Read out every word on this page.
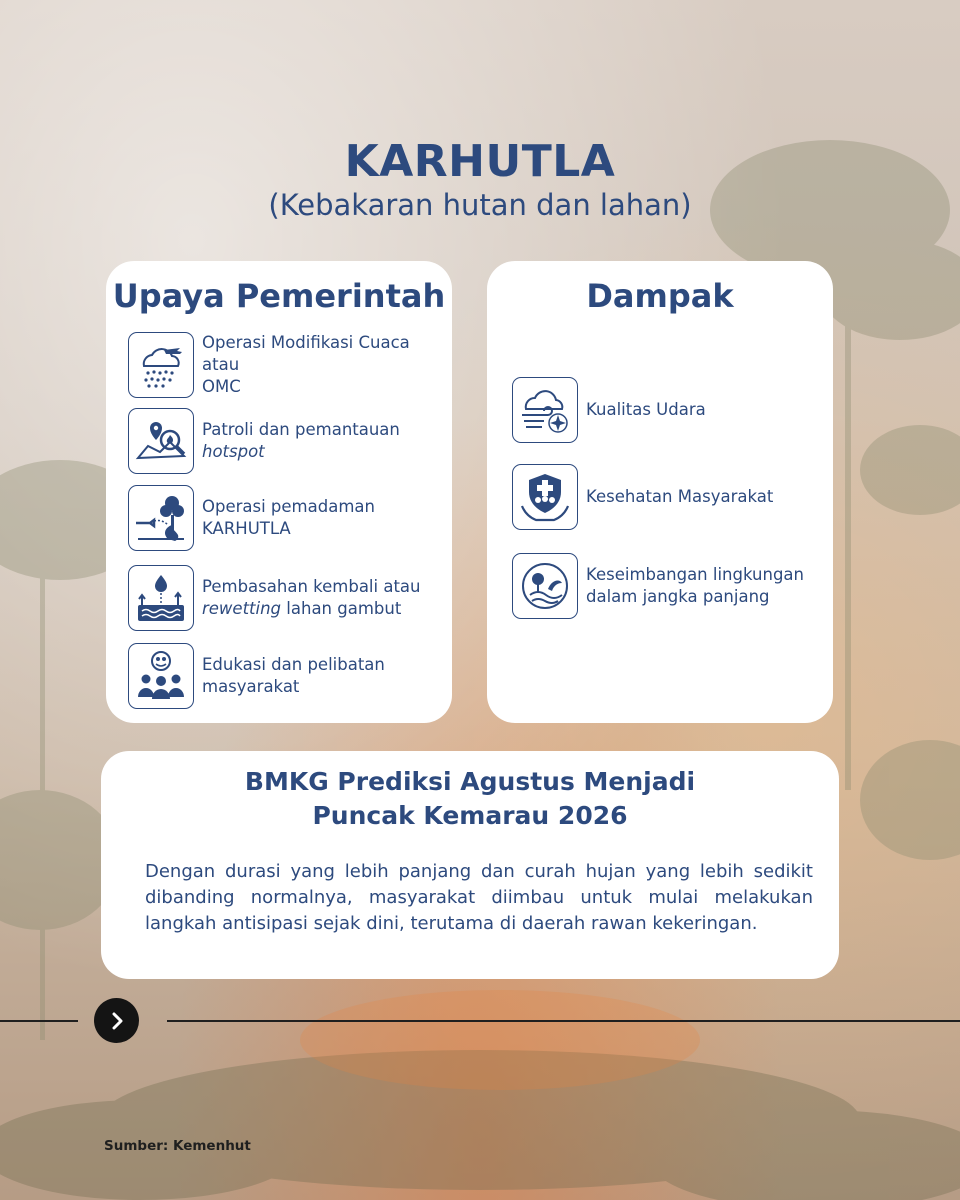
KARHUTLA
(Kebakaran hutan dan lahan)
Upaya Pemerintah
Operasi Modifikasi Cuaca atau
OMC
Patroli dan pemantauan
hotspot
Operasi pemadaman
KARHUTLA
Pembasahan kembali atau
rewetting lahan gambut
Edukasi dan pelibatan
masyarakat
Dampak
Kualitas Udara
Kesehatan Masyarakat
Keseimbangan lingkungan
dalam jangka panjang
BMKG Prediksi Agustus Menjadi
Puncak Kemarau 2026
Dengan durasi yang lebih panjang dan curah hujan yang lebih sedikit dibanding normalnya, masyarakat diimbau untuk mulai melakukan langkah antisipasi sejak dini, terutama di daerah rawan kekeringan.
Sumber: Kemenhut
